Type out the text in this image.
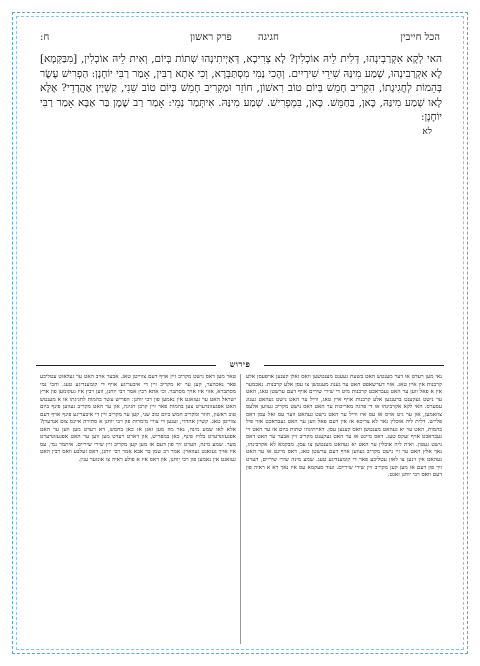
הכל חייבין
חגיגה
פרק ראשון
ח:

האי לְקָא אִקְרַבְינְהוּ, דְּלִית לֵיהּ אוֹכְלִין? לָא צְרִיכָא, דְּאַיְיתִינְהוּ שְׁתוֹת בְּיוֹם, וְאִית לֵיהּ אוֹכְלִין, [מִבַּקְּמָא] לָא אִקְרַבִינְהוּ, שְׁמַע מִינַּהּ שִׁירֵי שִׁירַיִים. וְהָכִי נַמִי מִסְתַּבְּרָא, וְכִי אָתָא רַבִּין, אָמַר רַבִּי יוֹחָנָן: הַפְרִישׁ עֶשֶׂר בְּהֵמוֹת לְחֲגִיגָתוֹ, הִקְרִיב חָמֵשׁ בְּיוֹם טוֹב רִאשׁוֹן, חוֹזֵר וּמַקְרִיב חָמֵשׁ בְּיוֹם טוֹב שֵׁנִי, קַשְׁיָין אַהֲדָדֵי? אֶלָּא לָאו שְׁמַע מִינַּהּ, כָּאן, בַּחַמֵּשׁ. כָּאן, בִּמְפְרִישׁ. שְׁמַע מִינַּהּ. אִיתְּמַר נַמֵי: אָמַר רַב שֶׁמֶן בַּר אַבָּא אָמַר רַבִּי יוֹחָנָן:

לא

פירוש

נאי מען רעדט או דער מענטש האט בשעת געענט מענטשען וואס זאלן קענען אויפעסן אלע קרבנות אין איין טאג. אזוי דערשאפט האט ער גענוג מענטשן צו עסן אלע קרבנות. נאכמער אין א פאל ווען ער האט געבראכט קרבנות מיט די שירי שירים אויף דעם ערשטן טאג, האט ער נישט געקענט ברענגען אלע קרבנות אויף איין טאג, ווייל ער האט נישט געהאט גענוג עסערס. האי לקא אקרבינהו או די פרגה מאריכות ער האט דאס נישט מקריב געווען אלעס צוזאמען, און ער גיט אויס אז עס איז ווייל ער האט נישט געהאט ווער עס זאל עסן דאס פלייש. דלית ליה אוכלין נאר לא צריכא אז אין דעם פאל ווען ער האט געבראכט אזוי פיל בהמות, האט ער יא געהאט מענטשן וואס קענען עסן. דאייתינהו שתות ביום אז ער האט זיי געבראכט אויף זעקס טעג. דאס מיינט אז ער האט געקענט מקריב זיין אבער ער האט דאס נישט געטון. ואית ליה אוכלין ער האט יא געהאט מענטשן צו עסן. מבקמא לא אקרבינהו, נאך אלץ האט ער זיי נישט מקריב געווען אויף דעם ערשטן טאג, דאס מיינט אז ער האט געהאט אין זינען צו לאזן עטליכע פאר די קומענדיגע טעג. שמע מינה שירי שיריים, הערט זיך פון דעם אז מען קען מקריב זיין שירי שיריים. ועוד סעקמא עס איז נאך דא א ראיה פון דעם וואס רבי יוחנן זאגט.

טאר מען דאס נישט מקריב זיין אויף דעם צווייטן טאג. אבער אויב האט ער געלאזט עטליכע פאר נאכהער, קען ער יא מקריב זיין די איבעריגע אויף די קומענדיגע טעג. והכי נמי מסתברא, אזוי איז אויך מסתבר. וכי אתא רבין אמר רבי יוחנן, ווען רבין איז געקומען פון ארץ ישראל האט ער געזאגט אין נאמען פון רבי יוחנן: הפריש עשר בהמות לחגיגתו או א מענטש האט אפגעזונדערט צען בהמות פאר זיין קרבן חגיגה, און ער האט מקריב געווען פינף ביום טוב ראשון, חוזר ומקריב חמש ביום טוב שני, קען ער מקריב זיין די איבעריגע פינף אויף דעם צווייטן טאג. קשיין אהדדי, זענען די צוויי מימרות פון רבי יוחנן א סתירה איינס צום אנדערן? אלא לאו שמע מינה, נאר מוז מען זאגן אז כאן בחמש, דא רעדט מען ווען ער האט אפגעזונדערט בלויז פינף, כאן במפריש, און דארט רעדט מען ווען ער האט אפגעזונדערט מער. שמע מינה, הערט זיך פון דעם אז מען קען מקריב זיין שירי שיריים. איתמר נמי, עס איז אויך געזאגט געווארן: אמר רב שמן בר אבא אמר רבי יוחנן, דאס זעלבע וואס רבין האט געזאגט אין נאמען פון רבי יוחנן, און דאס איז א פולע ראיה צו אונזער ענין.
